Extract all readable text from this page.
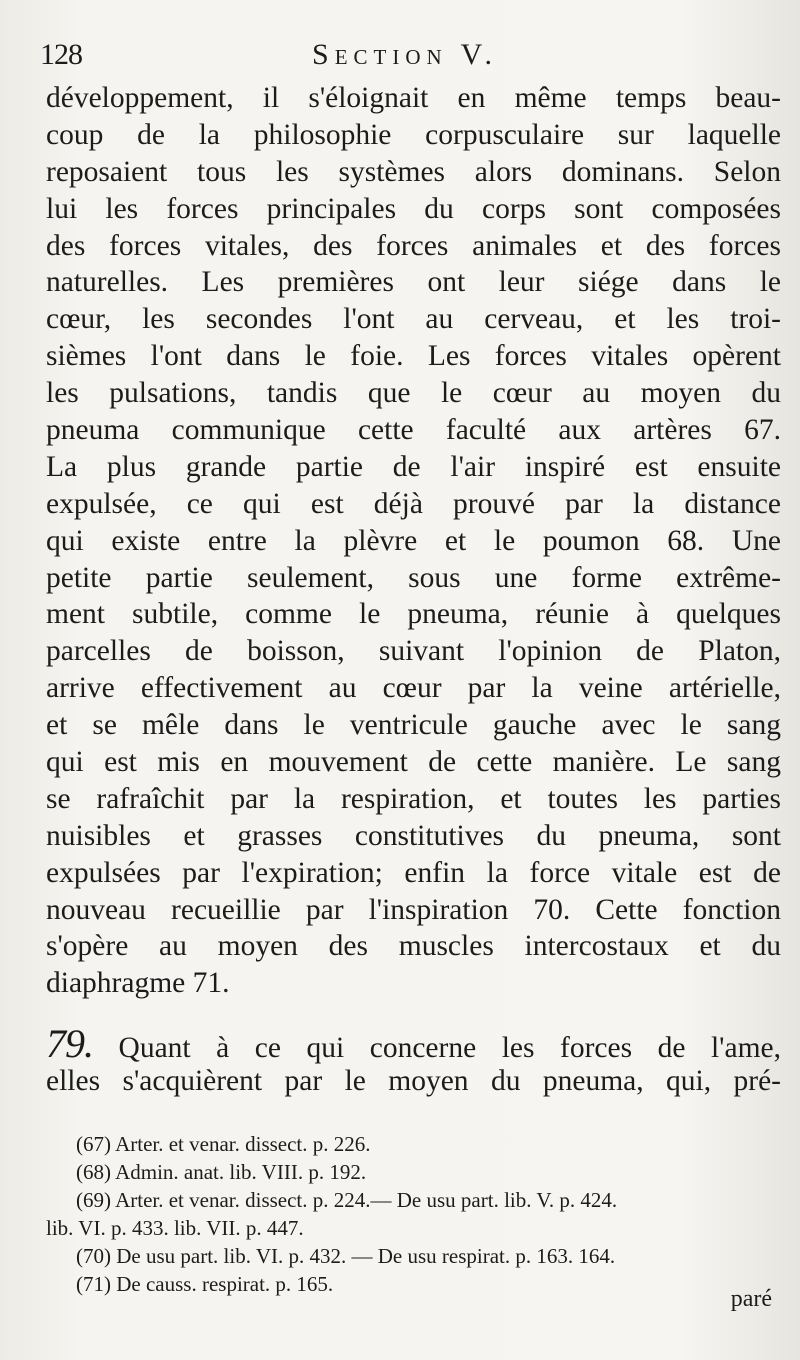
128	Section V.
développement, il s'éloignait en même temps beau-
coup de la philosophie corpusculaire sur laquelle
reposaient tous les systèmes alors dominans. Selon
lui les forces principales du corps sont composées
des forces vitales, des forces animales et des forces
naturelles. Les premières ont leur siége dans le
cœur, les secondes l'ont au cerveau, et les troi-
sièmes l'ont dans le foie. Les forces vitales opèrent
les pulsations, tandis que le cœur au moyen du
pneuma communique cette faculté aux artères 67.
La plus grande partie de l'air inspiré est ensuite
expulsée, ce qui est déjà prouvé par la distance
qui existe entre la plèvre et le poumon 68. Une
petite partie seulement, sous une forme extrême-
ment subtile, comme le pneuma, réunie à quelques
parcelles de boisson, suivant l'opinion de Platon,
arrive effectivement au cœur par la veine artérielle,
et se mêle dans le ventricule gauche avec le sang
qui est mis en mouvement de cette manière. Le sang
se rafraîchit par la respiration, et toutes les parties
nuisibles et grasses constitutives du pneuma, sont
expulsées par l'expiration; enfin la force vitale est de
nouveau recueillie par l'inspiration 70. Cette fonction
s'opère au moyen des muscles intercostaux et du
diaphragme 71.
79. Quant à ce qui concerne les forces de l'ame,
elles s'acquièrent par le moyen du pneuma, qui, pré-
(67) Arter. et venar. dissect. p. 226.
(68) Admin. anat. lib. VIII. p. 192.
(69) Arter. et venar. dissect. p. 224.— De usu part. lib. V. p. 424.
lib. VI. p. 433. lib. VII. p. 447.
(70) De usu part. lib. VI. p. 432. — De usu respirat. p. 163. 164.
(71) De causs. respirat. p. 165.
paré
